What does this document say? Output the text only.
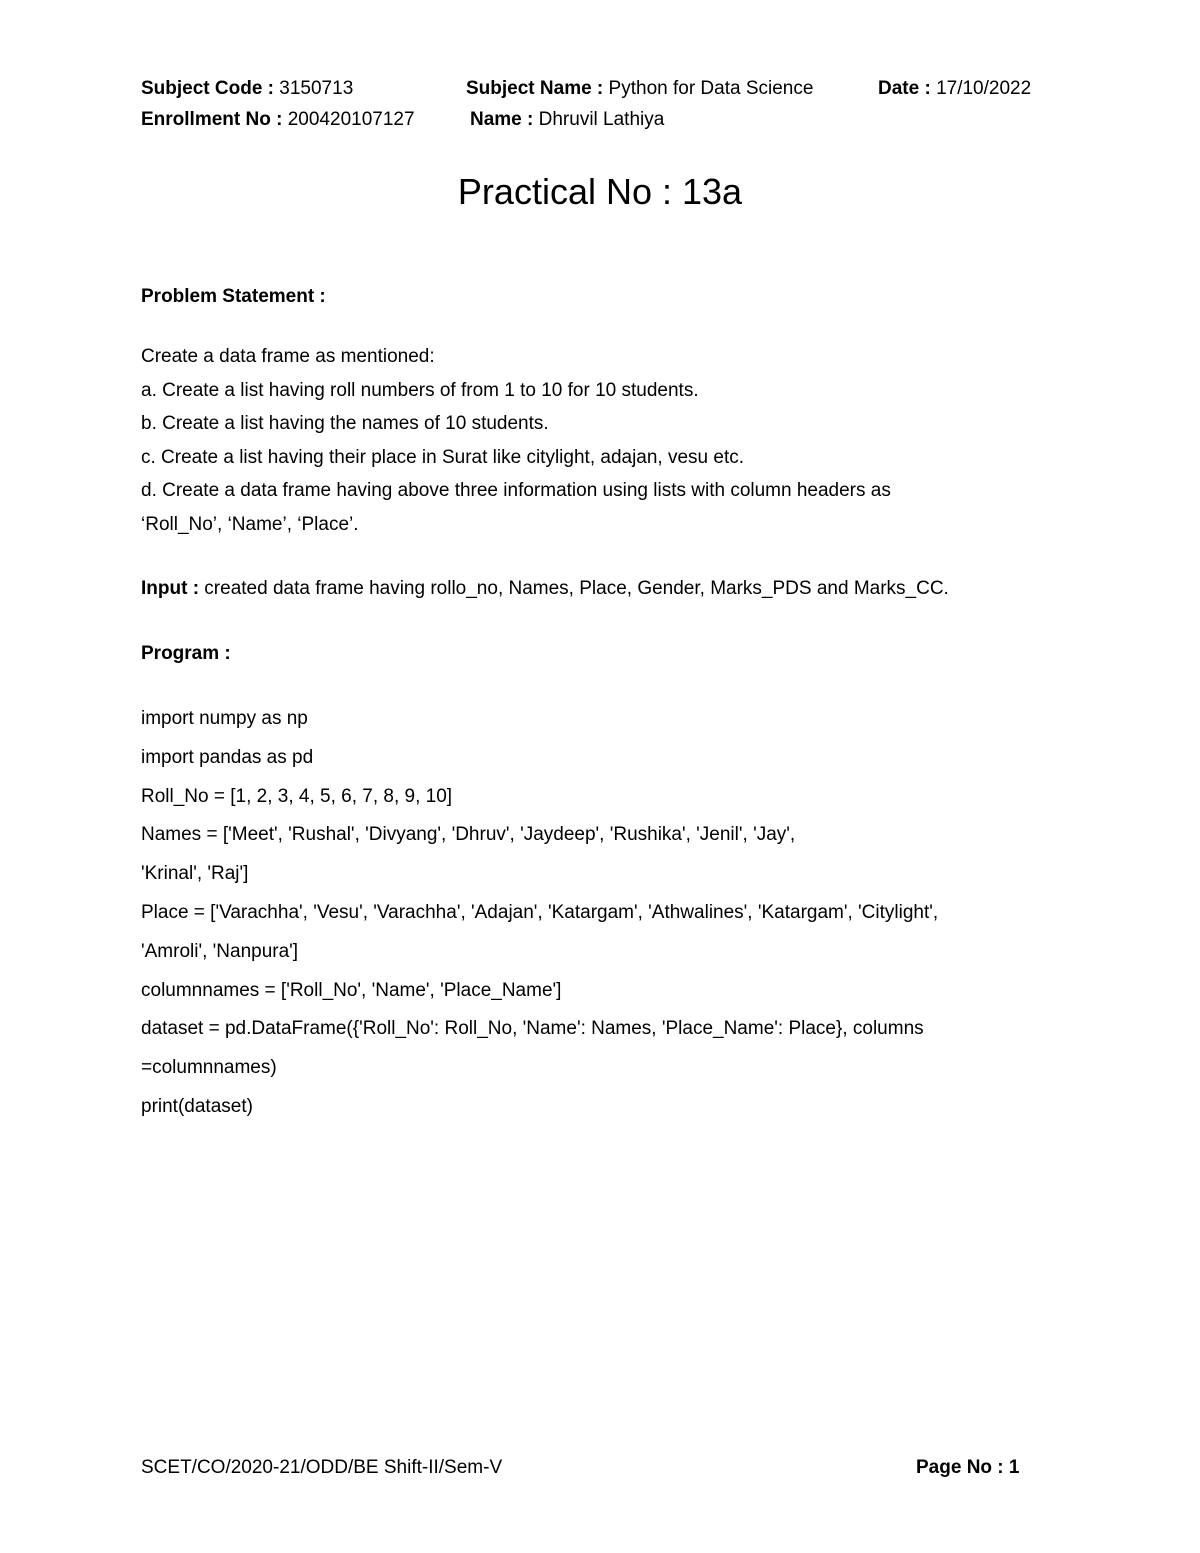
Subject Code : 3150713	Subject Name : Python for Data Science	Date : 17/10/2022
Enrollment No : 200420107127	Name : Dhruvil Lathiya
Practical No : 13a
Problem Statement :
Create a data frame as mentioned:
a. Create a list having roll numbers of from 1 to 10 for 10 students.
b. Create a list having the names of 10 students.
c. Create a list having their place in Surat like citylight, adajan, vesu etc.
d. Create a data frame having above three information using lists with column headers as
‘Roll_No’, ‘Name’, ‘Place’.
Input : created data frame having rollo_no, Names, Place, Gender, Marks_PDS and Marks_CC.
Program :
import numpy as np
import pandas as pd
Roll_No = [1, 2, 3, 4, 5, 6, 7, 8, 9, 10]
Names = ['Meet', 'Rushal', 'Divyang', 'Dhruv', 'Jaydeep', 'Rushika', 'Jenil', 'Jay',
'Krinal', 'Raj']
Place = ['Varachha', 'Vesu', 'Varachha', 'Adajan', 'Katargam', 'Athwalines', 'Katargam', 'Citylight',
'Amroli', 'Nanpura']
columnnames = ['Roll_No', 'Name', 'Place_Name']
dataset = pd.DataFrame({'Roll_No': Roll_No, 'Name': Names, 'Place_Name': Place}, columns
=columnnames)
print(dataset)
SCET/CO/2020-21/ODD/BE Shift-II/Sem-V	Page No : 1
